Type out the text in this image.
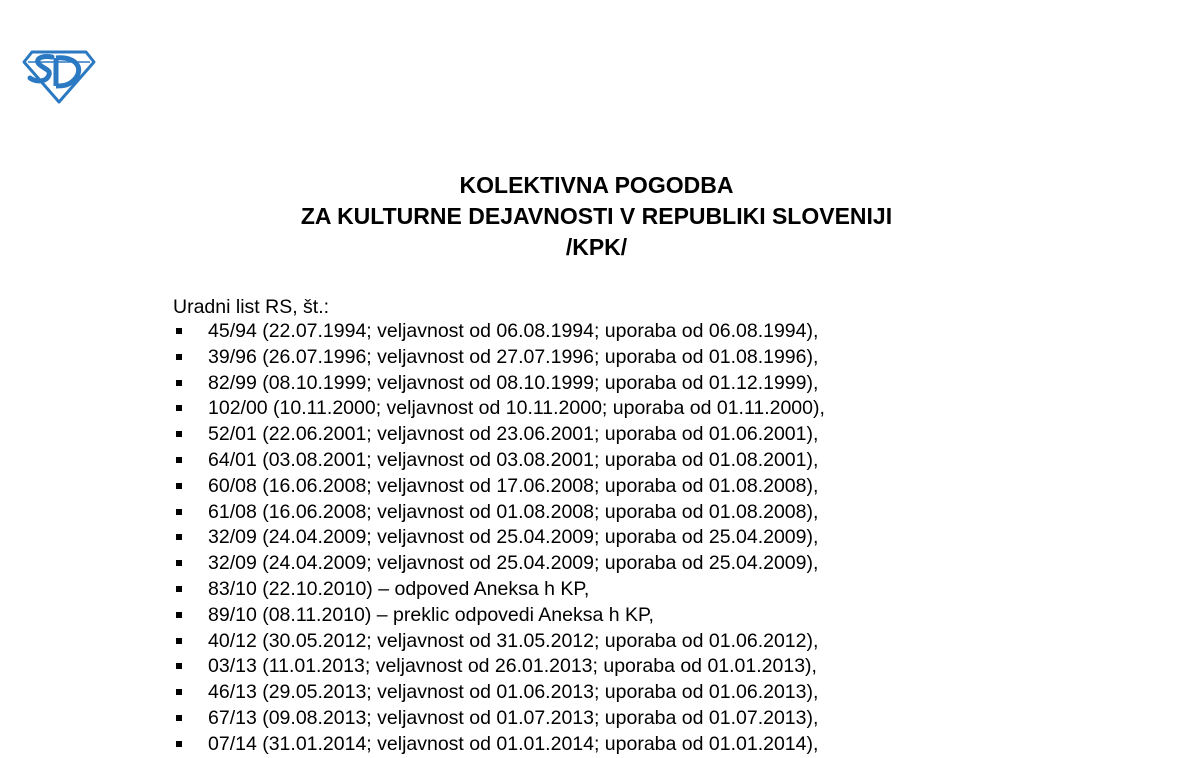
KOLEKTIVNA POGODBA
ZA KULTURNE DEJAVNOSTI V REPUBLIKI SLOVENIJI
/KPK/
Uradni list RS, št.:
45/94 (22.07.1994; veljavnost od 06.08.1994; uporaba od 06.08.1994),
39/96 (26.07.1996; veljavnost od 27.07.1996; uporaba od 01.08.1996),
82/99 (08.10.1999; veljavnost od 08.10.1999; uporaba od 01.12.1999),
102/00 (10.11.2000; veljavnost od 10.11.2000; uporaba od 01.11.2000),
52/01 (22.06.2001; veljavnost od 23.06.2001; uporaba od 01.06.2001),
64/01 (03.08.2001; veljavnost od 03.08.2001; uporaba od 01.08.2001),
60/08 (16.06.2008; veljavnost od 17.06.2008; uporaba od 01.08.2008),
61/08 (16.06.2008; veljavnost od 01.08.2008; uporaba od 01.08.2008),
32/09 (24.04.2009; veljavnost od 25.04.2009; uporaba od 25.04.2009),
32/09 (24.04.2009; veljavnost od 25.04.2009; uporaba od 25.04.2009),
83/10 (22.10.2010) – odpoved Aneksa h KP,
89/10 (08.11.2010) – preklic odpovedi Aneksa h KP,
40/12 (30.05.2012; veljavnost od 31.05.2012; uporaba od 01.06.2012),
03/13 (11.01.2013; veljavnost od 26.01.2013; uporaba od 01.01.2013),
46/13 (29.05.2013; veljavnost od 01.06.2013; uporaba od 01.06.2013),
67/13 (09.08.2013; veljavnost od 01.07.2013; uporaba od 01.07.2013),
07/14 (31.01.2014; veljavnost od 01.01.2014; uporaba od 01.01.2014),
